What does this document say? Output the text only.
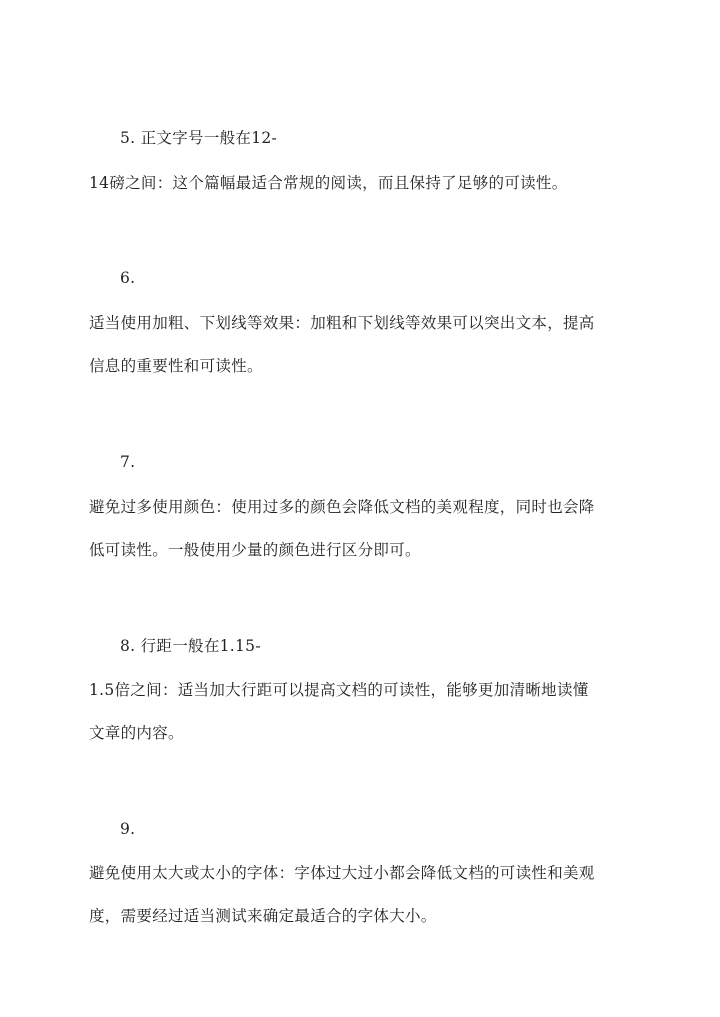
5. 正文字号一般在12-
14磅之间：这个篇幅最适合常规的阅读，而且保持了足够的可读性。
6.
适当使用加粗、下划线等效果：加粗和下划线等效果可以突出文本，提高
信息的重要性和可读性。
7.
避免过多使用颜色：使用过多的颜色会降低文档的美观程度，同时也会降
低可读性。一般使用少量的颜色进行区分即可。
8. 行距一般在1.15-
1.5倍之间：适当加大行距可以提高文档的可读性，能够更加清晰地读懂
文章的内容。
9.
避免使用太大或太小的字体：字体过大过小都会降低文档的可读性和美观
度，需要经过适当测试来确定最适合的字体大小。
